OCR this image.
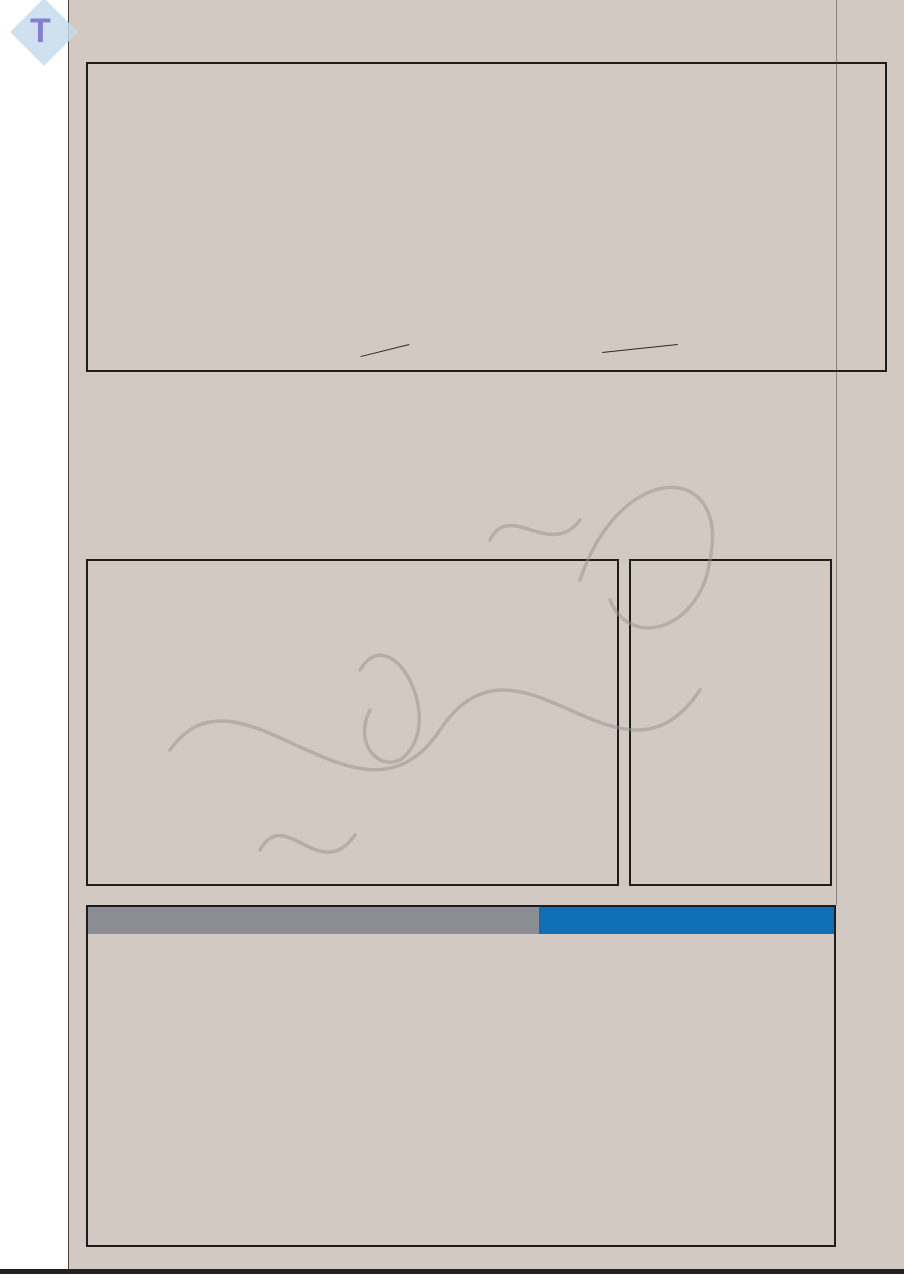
T
